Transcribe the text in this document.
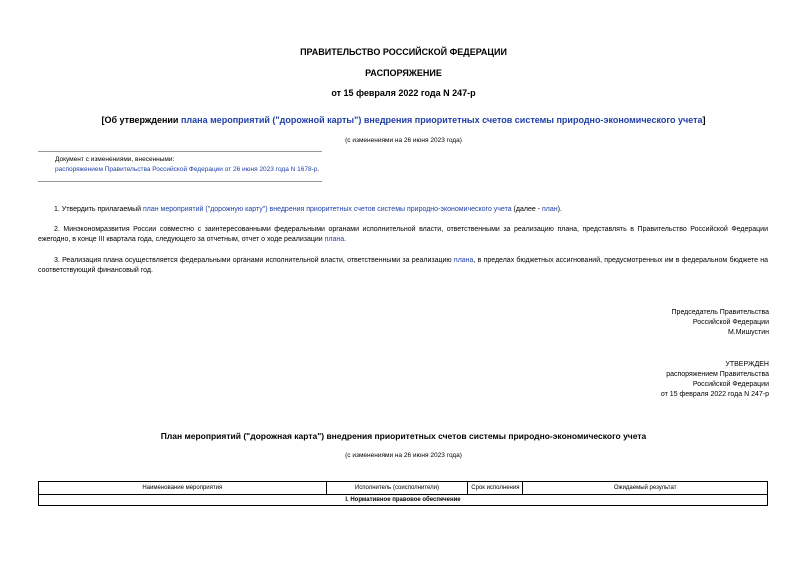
ПРАВИТЕЛЬСТВО РОССИЙСКОЙ ФЕДЕРАЦИИ
РАСПОРЯЖЕНИЕ
от 15 февраля 2022 года N 247-р
[Об утверждении плана мероприятий ("дорожной карты") внедрения приоритетных счетов системы природно-экономического учета]
(с изменениями на 26 июня 2023 года)
Документ с изменениями, внесенными:
распоряжением Правительства Российской Федерации от 26 июня 2023 года N 1678-р.
1. Утвердить прилагаемый план мероприятий ("дорожную карту") внедрения приоритетных счетов системы природно-экономического учета (далее - план).
2. Минэкономразвития России совместно с заинтересованными федеральными органами исполнительной власти, ответственными за реализацию плана, представлять в Правительство Российской Федерации ежегодно, в конце III квартала года, следующего за отчетным, отчет о ходе реализации плана.
3. Реализация плана осуществляется федеральными органами исполнительной власти, ответственными за реализацию плана, в пределах бюджетных ассигнований, предусмотренных им в федеральном бюджете на соответствующий финансовый год.
Председатель Правительства
Российской Федерации
М.Мишустин
УТВЕРЖДЕН
распоряжением Правительства
Российской Федерации
от 15 февраля 2022 года N 247-р
План мероприятий ("дорожная карта") внедрения приоритетных счетов системы природно-экономического учета
(с изменениями на 26 июня 2023 года)
Наименование мероприятия	Исполнитель (соисполнители)	Срок исполнения	Ожидаемый результат
I. Нормативное правовое обеспечение
